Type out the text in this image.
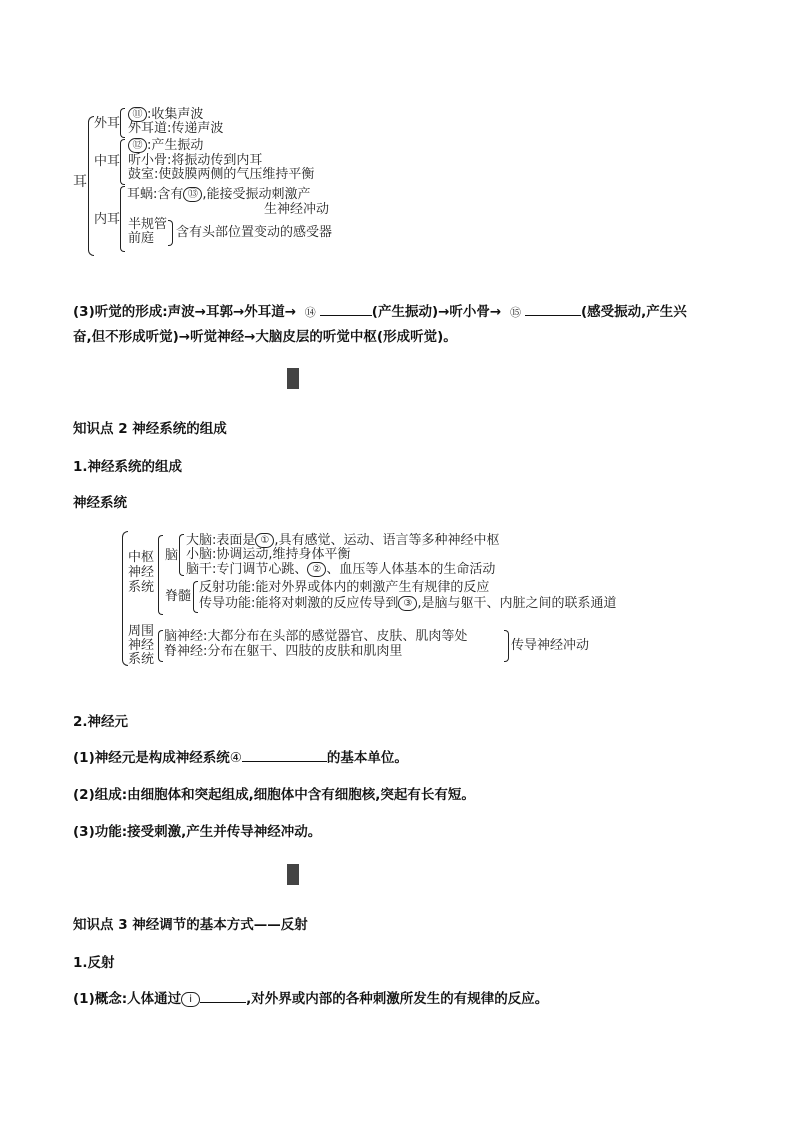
耳
外耳
⑪ :收集声波
外耳道:传递声波
中耳
⑫ :产生振动
听小骨:将振动传到内耳
鼓室:使鼓膜两侧的气压维持平衡
内耳
耳蜗:含有 ⑬ ,能接受振动刺激产
生神经冲动
半规管
前庭 含有头部位置变动的感受器
(3)听觉的形成:声波→耳郭→外耳道→ ⑭	(产生振动)→听小骨→ ⑮	(感受振动,产生兴
奋,但不形成听觉)→听觉神经→大脑皮层的听觉中枢(形成听觉)。
知识点 2 神经系统的组成
1.神经系统的组成
神经系统
中枢
神经
系统
脑
大脑:表面是 ① ,具有感觉、运动、语言等多种神经中枢
小脑:协调运动,维持身体平衡
脑干:专门调节心跳、 ② 、血压等人体基本的生命活动
脊髓
反射功能:能对外界或体内的刺激产生有规律的反应
传导功能:能将对刺激的反应传导到 ③ ,是脑与躯干、内脏之间的联系通道
周围
神经
系统
脑神经:大都分布在头部的感觉器官、皮肤、肌肉等处
脊神经:分布在躯干、四肢的皮肤和肌肉里	传导神经冲动
2.神经元
(1)神经元是构成神经系统④	的基本单位。
(2)组成:由细胞体和突起组成,细胞体中含有细胞核,突起有长有短。
(3)功能:接受刺激,产生并传导神经冲动。
知识点 3 神经调节的基本方式——反射
1.反射
(1)概念:人体通过 ⅰ	,对外界或内部的各种刺激所发生的有规律的反应。
